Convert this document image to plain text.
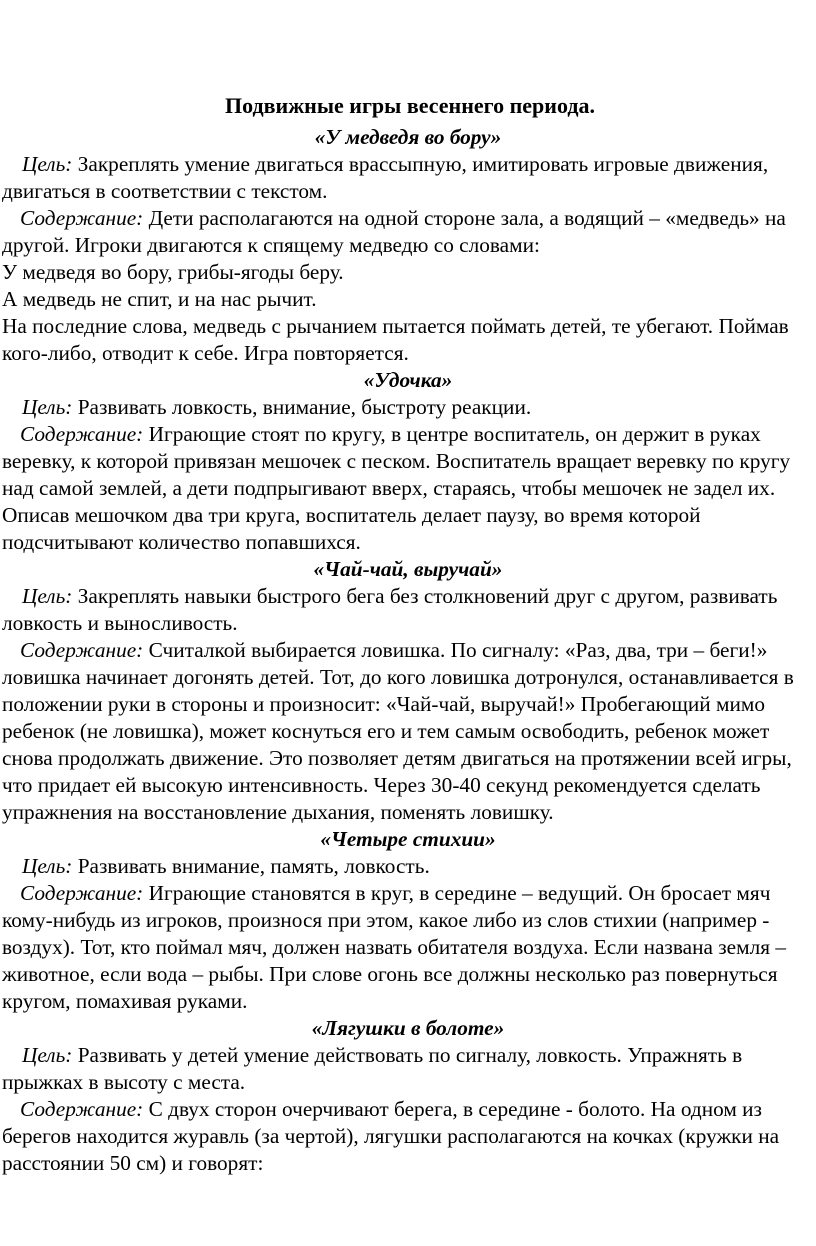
Подвижные игры весеннего периода.

«У медведя во бору»

Цель: Закреплять умение двигаться врассыпную, имитировать игровые движения, двигаться в соответствии с текстом.

Содержание: Дети располагаются на одной стороне зала, а водящий – «медведь» на другой. Игроки двигаются к спящему медведю со словами:

У медведя во бору, грибы-ягоды беру.

А медведь не спит, и на нас рычит.

На последние слова, медведь с рычанием пытается поймать детей, те убегают. Поймав кого-либо, отводит к себе. Игра повторяется.

«Удочка»

Цель: Развивать ловкость, внимание, быстроту реакции.

Содержание: Играющие стоят по кругу, в центре воспитатель, он держит в руках веревку, к которой привязан мешочек с песком. Воспитатель вращает веревку по кругу над самой землей, а дети подпрыгивают вверх, стараясь, чтобы мешочек не задел их. Описав мешочком два три круга, воспитатель делает паузу, во время которой подсчитывают количество попавшихся.

«Чай-чай, выручай»

Цель: Закреплять навыки быстрого бега без столкновений друг с другом, развивать ловкость и выносливость.

Содержание: Считалкой выбирается ловишка. По сигналу: «Раз, два, три – беги!» ловишка начинает догонять детей. Тот, до кого ловишка дотронулся, останавливается в положении руки в стороны и произносит: «Чай-чай, выручай!» Пробегающий мимо ребенок (не ловишка), может коснуться его и тем самым освободить, ребенок может снова продолжать движение. Это позволяет детям двигаться на протяжении всей игры, что придает ей высокую интенсивность. Через 30-40 секунд рекомендуется сделать упражнения на восстановление дыхания, поменять ловишку.

«Четыре стихии»

Цель: Развивать внимание, память, ловкость.

Содержание: Играющие становятся в круг, в середине – ведущий. Он бросает мяч кому-нибудь из игроков, произнося при этом, какое либо из слов стихии (например - воздух). Тот, кто поймал мяч, должен назвать обитателя воздуха. Если названа земля – животное, если вода – рыбы. При слове огонь все должны несколько раз повернуться кругом, помахивая руками.

«Лягушки в болоте»

Цель: Развивать у детей умение действовать по сигналу, ловкость. Упражнять в прыжках в высоту с места.

Содержание: С двух сторон очерчивают берега, в середине - болото. На одном из берегов находится журавль (за чертой), лягушки располагаются на кочках (кружки на расстоянии 50 см) и говорят:
